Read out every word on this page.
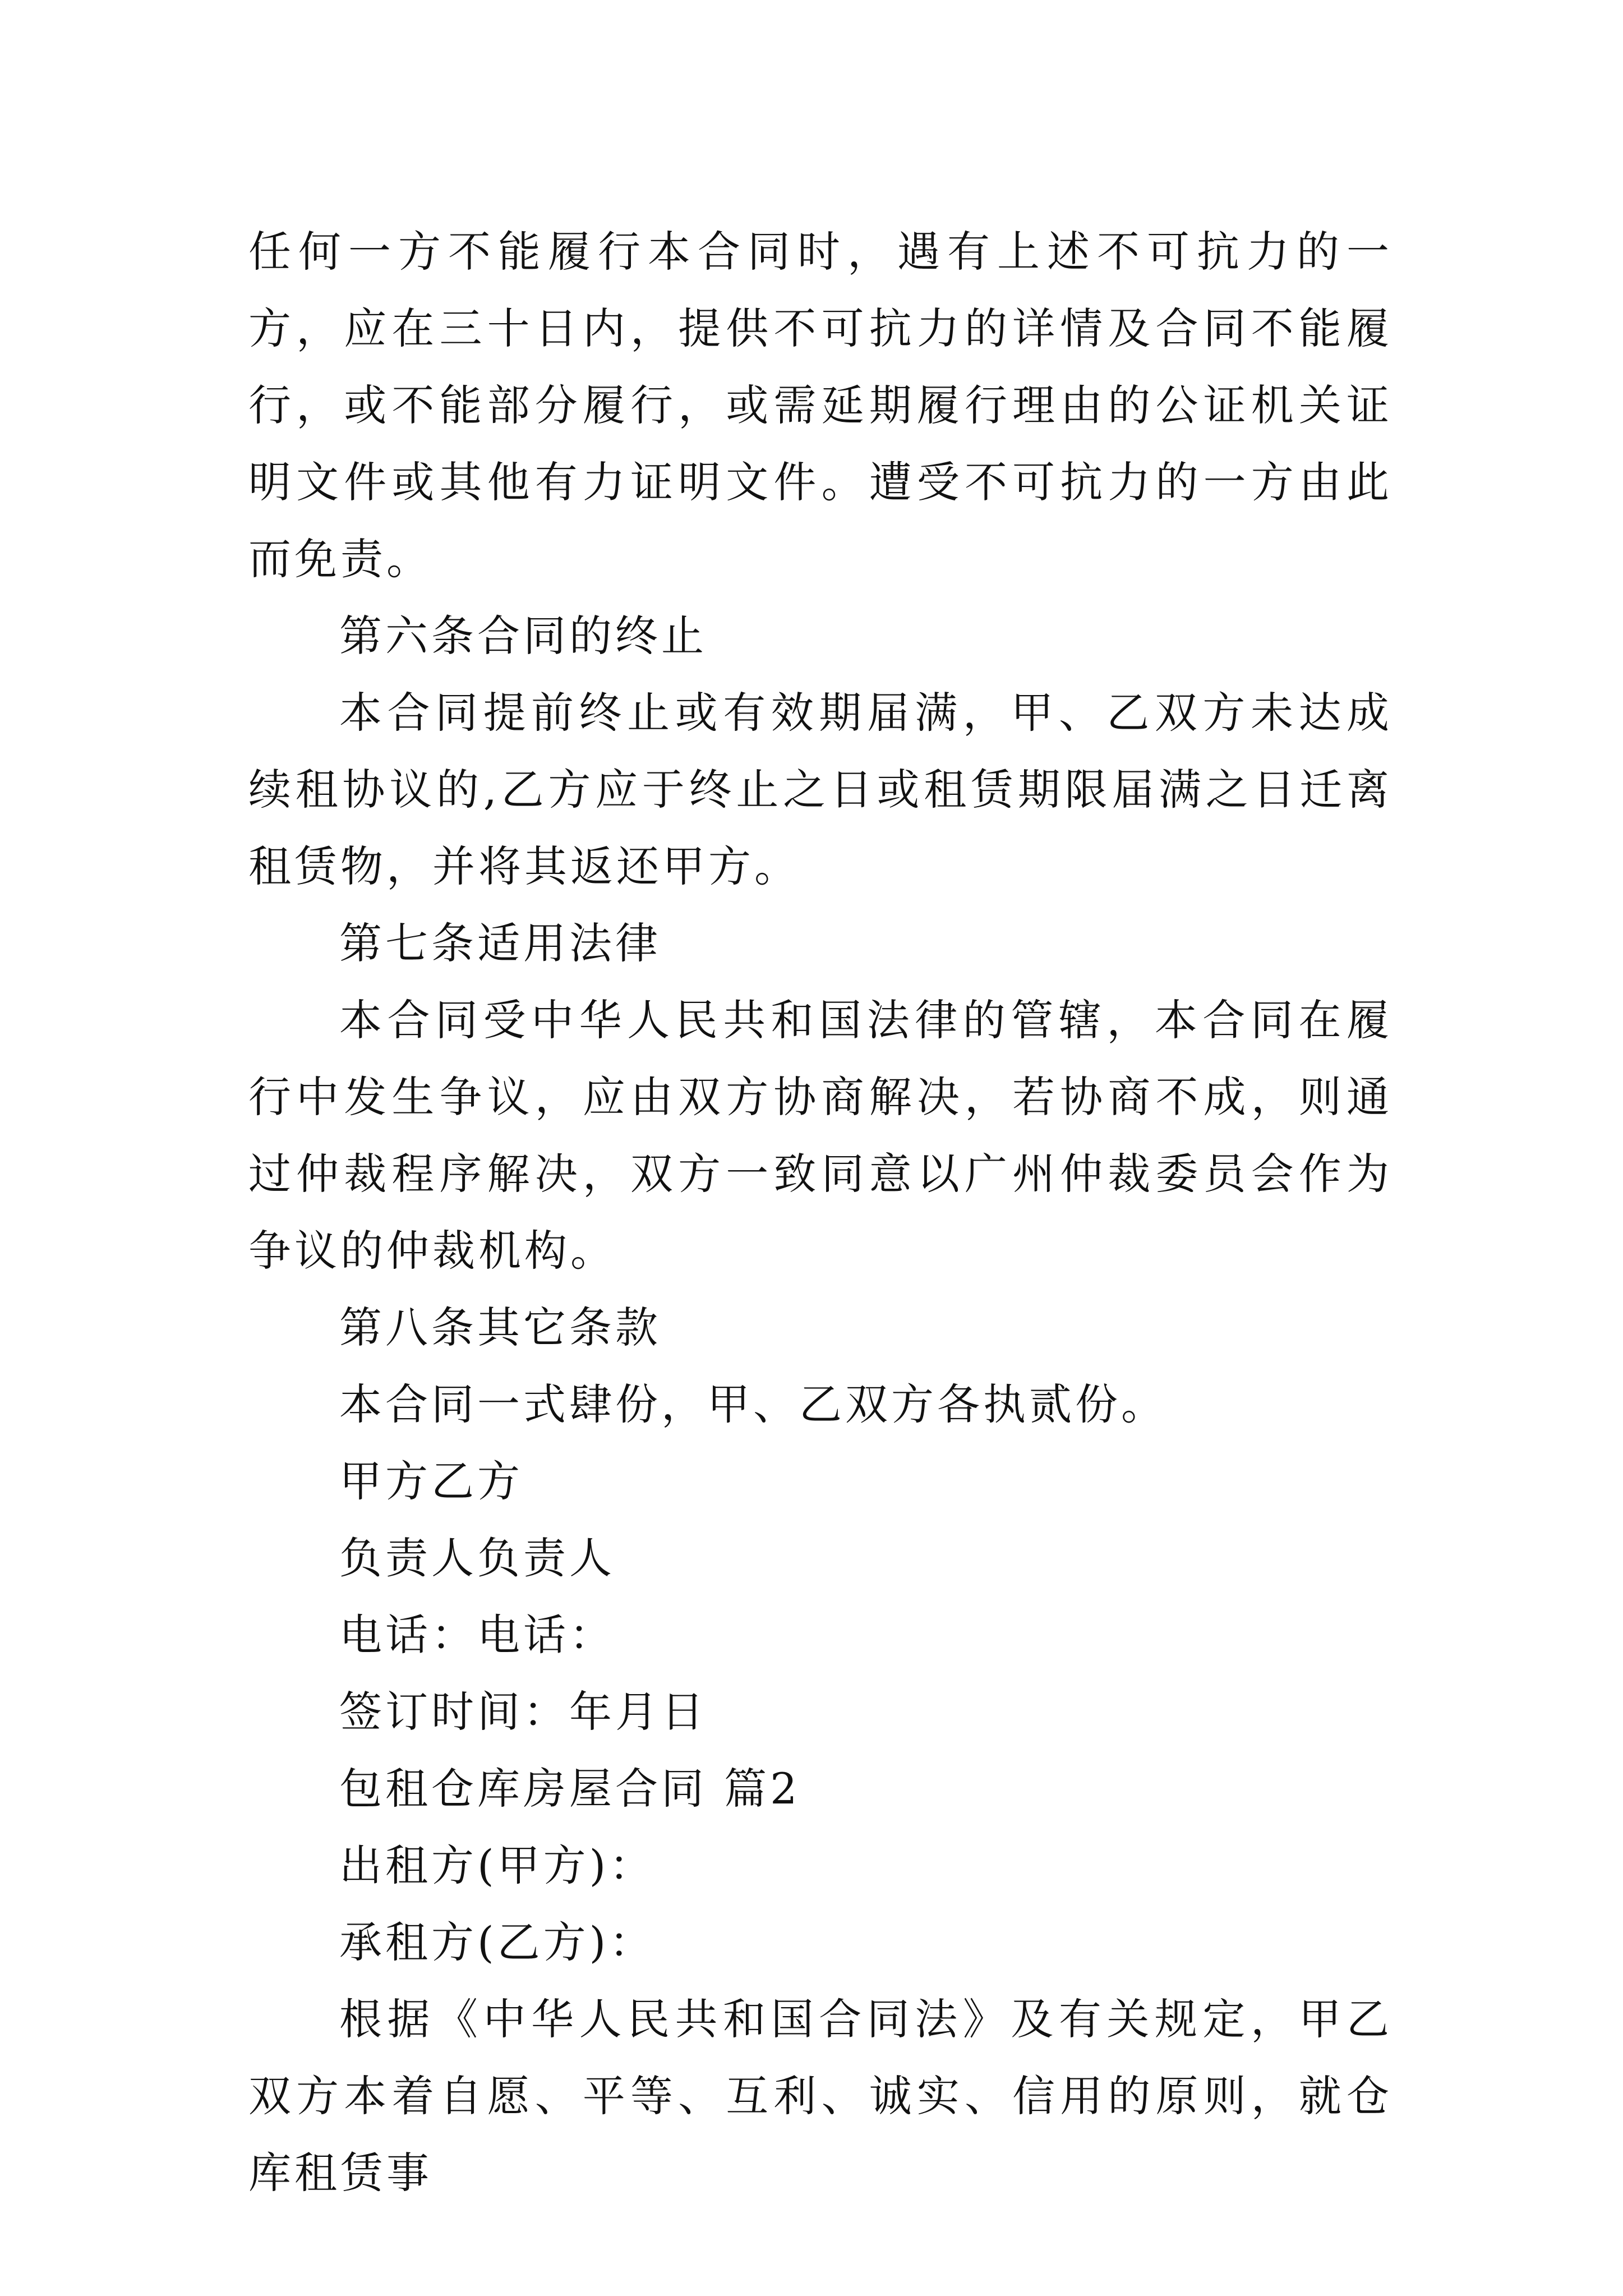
任何一方不能履行本合同时，遇有上述不可抗力的一方，应在三十日内，提供不可抗力的详情及合同不能履行，或不能部分履行，或需延期履行理由的公证机关证明文件或其他有力证明文件。遭受不可抗力的一方由此而免责。

第六条合同的终止

本合同提前终止或有效期届满，甲、乙双方未达成续租协议的,乙方应于终止之日或租赁期限届满之日迁离租赁物，并将其返还甲方。

第七条适用法律

本合同受中华人民共和国法律的管辖，本合同在履行中发生争议，应由双方协商解决，若协商不成，则通过仲裁程序解决，双方一致同意以广州仲裁委员会作为争议的仲裁机构。

第八条其它条款

本合同一式肆份，甲、乙双方各执贰份。

甲方乙方

负责人负责人

电话：电话：

签订时间：年月日

包租仓库房屋合同 篇2

出租方(甲方)：

承租方(乙方)：

根据《中华人民共和国合同法》及有关规定，甲乙双方本着自愿、平等、互利、诚实、信用的原则，就仓库租赁事
